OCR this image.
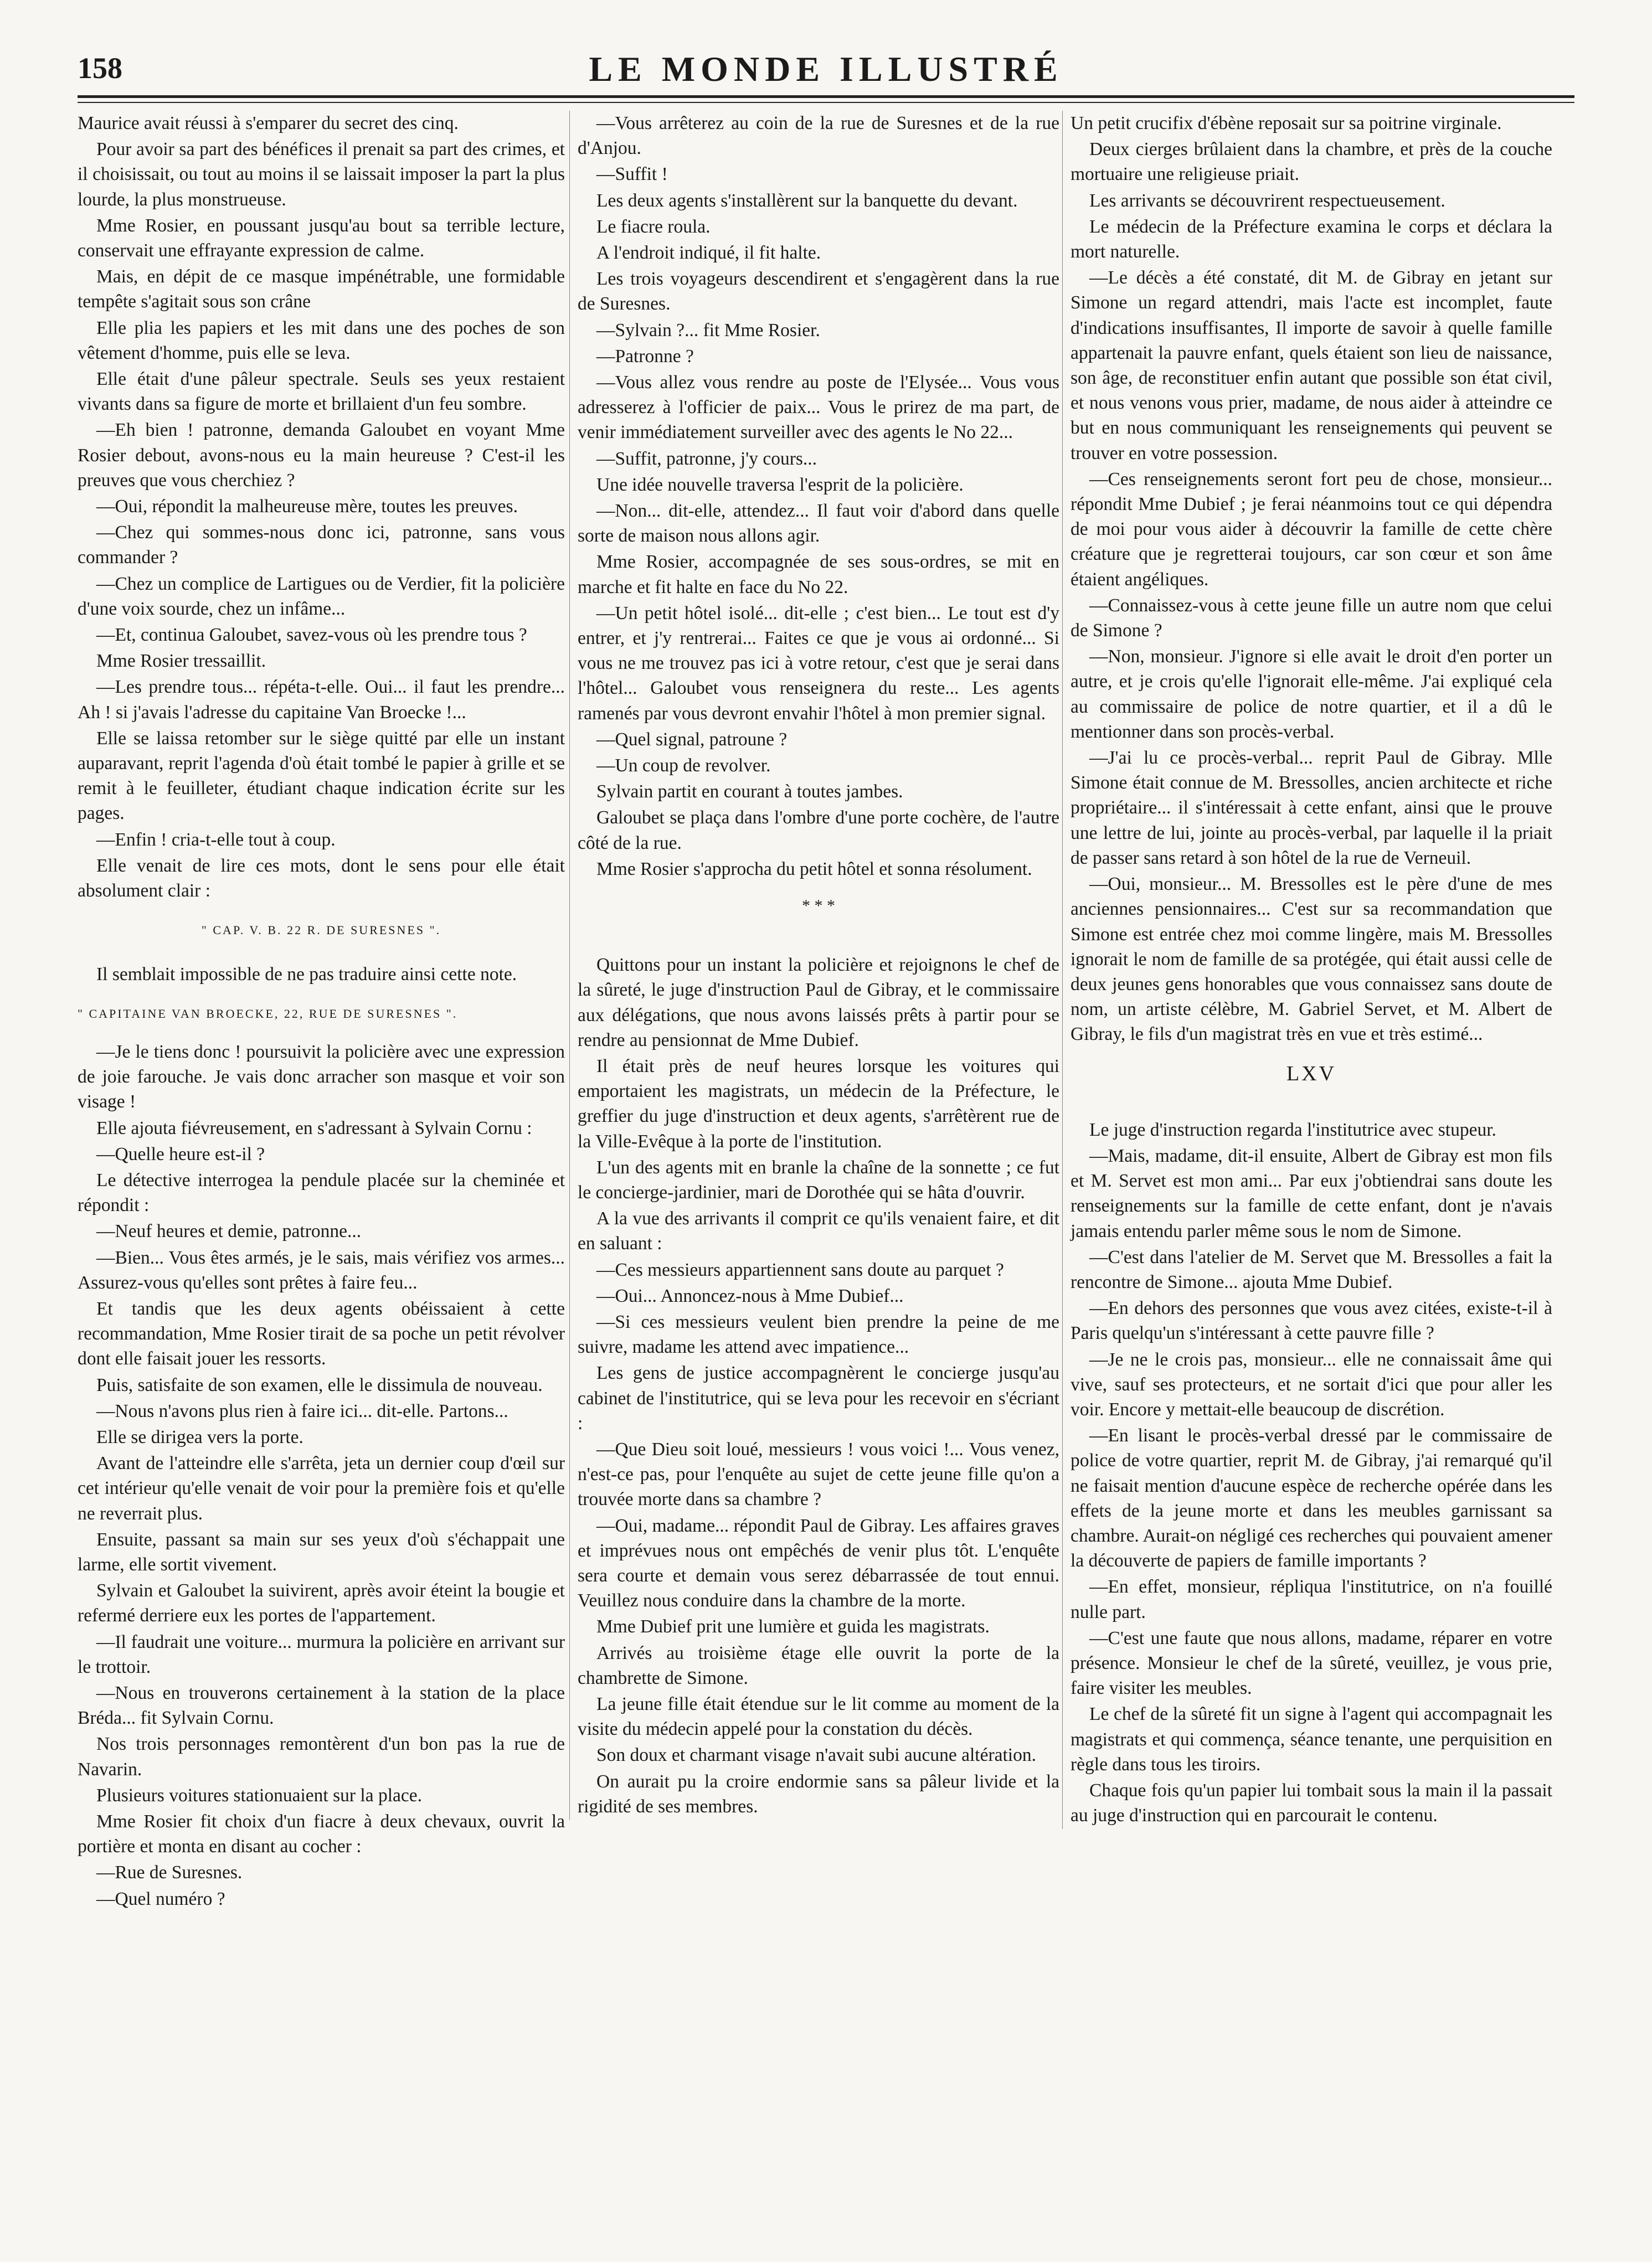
158	LE MONDE ILLUSTRÉ

Maurice avait réussi à s'emparer du secret des cinq.

Pour avoir sa part des bénéfices il prenait sa part des crimes, et il choisissait, ou tout au moins il se laissait imposer la part la plus lourde, la plus monstrueuse.

Mme Rosier, en poussant jusqu'au bout sa terrible lecture, conservait une effrayante expression de calme.

Mais, en dépit de ce masque impénétrable, une formidable tempête s'agitait sous son crâne

Elle plia les papiers et les mit dans une des poches de son vêtement d'homme, puis elle se leva.

Elle était d'une pâleur spectrale. Seuls ses yeux restaient vivants dans sa figure de morte et brillaient d'un feu sombre.

—Eh bien ! patronne, demanda Galoubet en voyant Mme Rosier debout, avons-nous eu la main heureuse ? C'est-il les preuves que vous cherchiez ?

—Oui, répondit la malheureuse mère, toutes les preuves.

—Chez qui sommes-nous donc ici, patronne, sans vous commander ?

—Chez un complice de Lartigues ou de Verdier, fit la policière d'une voix sourde, chez un infâme...

—Et, continua Galoubet, savez-vous où les prendre tous ?

Mme Rosier tressaillit.

—Les prendre tous... répéta-t-elle. Oui... il faut les prendre... Ah ! si j'avais l'adresse du capitaine Van Broecke !...

Elle se laissa retomber sur le siège quitté par elle un instant auparavant, reprit l'agenda d'où était tombé le papier à grille et se remit à le feuilleter, étudiant chaque indication écrite sur les pages.

—Enfin ! cria-t-elle tout à coup.

Elle venait de lire ces mots, dont le sens pour elle était absolument clair :

" CAP. V. B. 22 R. DE SURESNES ".

Il semblait impossible de ne pas traduire ainsi cette note.

" CAPITAINE VAN BROECKE, 22, RUE DE SURESNES ".

—Je le tiens donc ! poursuivit la policière avec une expression de joie farouche. Je vais donc arracher son masque et voir son visage !

Elle ajouta fiévreusement, en s'adressant à Sylvain Cornu :

—Quelle heure est-il ?

Le détective interrogea la pendule placée sur la cheminée et répondit :

—Neuf heures et demie, patronne...

—Bien... Vous êtes armés, je le sais, mais vérifiez vos armes... Assurez-vous qu'elles sont prêtes à faire feu...

Et tandis que les deux agents obéissaient à cette recommandation, Mme Rosier tirait de sa poche un petit révolver dont elle faisait jouer les ressorts.

Puis, satisfaite de son examen, elle le dissimula de nouveau.

—Nous n'avons plus rien à faire ici... dit-elle. Partons...

Elle se dirigea vers la porte.

Avant de l'atteindre elle s'arrêta, jeta un dernier coup d'œil sur cet intérieur qu'elle venait de voir pour la première fois et qu'elle ne reverrait plus.

Ensuite, passant sa main sur ses yeux d'où s'échappait une larme, elle sortit vivement.

Sylvain et Galoubet la suivirent, après avoir éteint la bougie et refermé derriere eux les portes de l'appartement.

—Il faudrait une voiture... murmura la policière en arrivant sur le trottoir.

—Nous en trouverons certainement à la station de la place Bréda... fit Sylvain Cornu.

Nos trois personnages remontèrent d'un bon pas la rue de Navarin.

Plusieurs voitures stationuaient sur la place.

Mme Rosier fit choix d'un fiacre à deux chevaux, ouvrit la portière et monta en disant au cocher :

—Rue de Suresnes.

—Quel numéro ?

—Vous arrêterez au coin de la rue de Suresnes et de la rue d'Anjou.

—Suffit !

Les deux agents s'installèrent sur la banquette du devant.

Le fiacre roula.

A l'endroit indiqué, il fit halte.

Les trois voyageurs descendirent et s'engagèrent dans la rue de Suresnes.

—Sylvain ?... fit Mme Rosier.

—Patronne ?

—Vous allez vous rendre au poste de l'Elysée... Vous vous adresserez à l'officier de paix... Vous le prirez de ma part, de venir immédiatement surveiller avec des agents le No 22...

—Suffit, patronne, j'y cours...

Une idée nouvelle traversa l'esprit de la policière.

—Non... dit-elle, attendez... Il faut voir d'abord dans quelle sorte de maison nous allons agir.

Mme Rosier, accompagnée de ses sous-ordres, se mit en marche et fit halte en face du No 22.

—Un petit hôtel isolé... dit-elle ; c'est bien... Le tout est d'y entrer, et j'y rentrerai... Faites ce que je vous ai ordonné... Si vous ne me trouvez pas ici à votre retour, c'est que je serai dans l'hôtel... Galoubet vous renseignera du reste... Les agents ramenés par vous devront envahir l'hôtel à mon premier signal.

—Quel signal, patroune ?

—Un coup de revolver.

Sylvain partit en courant à toutes jambes.

Galoubet se plaça dans l'ombre d'une porte cochère, de l'autre côté de la rue.

Mme Rosier s'approcha du petit hôtel et sonna résolument.

* * *

Quittons pour un instant la policière et rejoignons le chef de la sûreté, le juge d'instruction Paul de Gibray, et le commissaire aux délégations, que nous avons laissés prêts à partir pour se rendre au pensionnat de Mme Dubief.

Il était près de neuf heures lorsque les voitures qui emportaient les magistrats, un médecin de la Préfecture, le greffier du juge d'instruction et deux agents, s'arrêtèrent rue de la Ville-Evêque à la porte de l'institution.

L'un des agents mit en branle la chaîne de la sonnette ; ce fut le concierge-jardinier, mari de Dorothée qui se hâta d'ouvrir.

A la vue des arrivants il comprit ce qu'ils venaient faire, et dit en saluant :

—Ces messieurs appartiennent sans doute au parquet ?

—Oui... Annoncez-nous à Mme Dubief...

—Si ces messieurs veulent bien prendre la peine de me suivre, madame les attend avec impatience...

Les gens de justice accompagnèrent le concierge jusqu'au cabinet de l'institutrice, qui se leva pour les recevoir en s'écriant :

—Que Dieu soit loué, messieurs ! vous voici !... Vous venez, n'est-ce pas, pour l'enquête au sujet de cette jeune fille qu'on a trouvée morte dans sa chambre ?

—Oui, madame... répondit Paul de Gibray. Les affaires graves et imprévues nous ont empêchés de venir plus tôt. L'enquête sera courte et demain vous serez débarrassée de tout ennui. Veuillez nous conduire dans la chambre de la morte.

Mme Dubief prit une lumière et guida les magistrats.

Arrivés au troisième étage elle ouvrit la porte de la chambrette de Simone.

La jeune fille était étendue sur le lit comme au moment de la visite du médecin appelé pour la constation du décès.

Son doux et charmant visage n'avait subi aucune altération.

On aurait pu la croire endormie sans sa pâleur livide et la rigidité de ses membres.

Un petit crucifix d'ébène reposait sur sa poitrine virginale.

Deux cierges brûlaient dans la chambre, et près de la couche mortuaire une religieuse priait.

Les arrivants se découvrirent respectueusement.

Le médecin de la Préfecture examina le corps et déclara la mort naturelle.

—Le décès a été constaté, dit M. de Gibray en jetant sur Simone un regard attendri, mais l'acte est incomplet, faute d'indications insuffisantes, Il importe de savoir à quelle famille appartenait la pauvre enfant, quels étaient son lieu de naissance, son âge, de reconstituer enfin autant que possible son état civil, et nous venons vous prier, madame, de nous aider à atteindre ce but en nous communiquant les renseignements qui peuvent se trouver en votre possession.

—Ces renseignements seront fort peu de chose, monsieur... répondit Mme Dubief ; je ferai néanmoins tout ce qui dépendra de moi pour vous aider à découvrir la famille de cette chère créature que je regretterai toujours, car son cœur et son âme étaient angéliques.

—Connaissez-vous à cette jeune fille un autre nom que celui de Simone ?

—Non, monsieur. J'ignore si elle avait le droit d'en porter un autre, et je crois qu'elle l'ignorait elle-même. J'ai expliqué cela au commissaire de police de notre quartier, et il a dû le mentionner dans son procès-verbal.

—J'ai lu ce procès-verbal... reprit Paul de Gibray. Mlle Simone était connue de M. Bressolles, ancien architecte et riche propriétaire... il s'intéressait à cette enfant, ainsi que le prouve une lettre de lui, jointe au procès-verbal, par laquelle il la priait de passer sans retard à son hôtel de la rue de Verneuil.

—Oui, monsieur... M. Bressolles est le père d'une de mes anciennes pensionnaires... C'est sur sa recommandation que Simone est entrée chez moi comme lingère, mais M. Bressolles ignorait le nom de famille de sa protégée, qui était aussi celle de deux jeunes gens honorables que vous connaissez sans doute de nom, un artiste célèbre, M. Gabriel Servet, et M. Albert de Gibray, le fils d'un magistrat très en vue et très estimé...

LXV

Le juge d'instruction regarda l'institutrice avec stupeur.

—Mais, madame, dit-il ensuite, Albert de Gibray est mon fils et M. Servet est mon ami... Par eux j'obtiendrai sans doute les renseignements sur la famille de cette enfant, dont je n'avais jamais entendu parler même sous le nom de Simone.

—C'est dans l'atelier de M. Servet que M. Bressolles a fait la rencontre de Simone... ajouta Mme Dubief.

—En dehors des personnes que vous avez citées, existe-t-il à Paris quelqu'un s'intéressant à cette pauvre fille ?

—Je ne le crois pas, monsieur... elle ne connaissait âme qui vive, sauf ses protecteurs, et ne sortait d'ici que pour aller les voir. Encore y mettait-elle beaucoup de discrétion.

—En lisant le procès-verbal dressé par le commissaire de police de votre quartier, reprit M. de Gibray, j'ai remarqué qu'il ne faisait mention d'aucune espèce de recherche opérée dans les effets de la jeune morte et dans les meubles garnissant sa chambre. Aurait-on négligé ces recherches qui pouvaient amener la découverte de papiers de famille importants ?

—En effet, monsieur, répliqua l'institutrice, on n'a fouillé nulle part.

—C'est une faute que nous allons, madame, réparer en votre présence. Monsieur le chef de la sûreté, veuillez, je vous prie, faire visiter les meubles.

Le chef de la sûreté fit un signe à l'agent qui accompagnait les magistrats et qui commença, séance tenante, une perquisition en règle dans tous les tiroirs.

Chaque fois qu'un papier lui tombait sous la main il la passait au juge d'instruction qui en parcourait le contenu.
